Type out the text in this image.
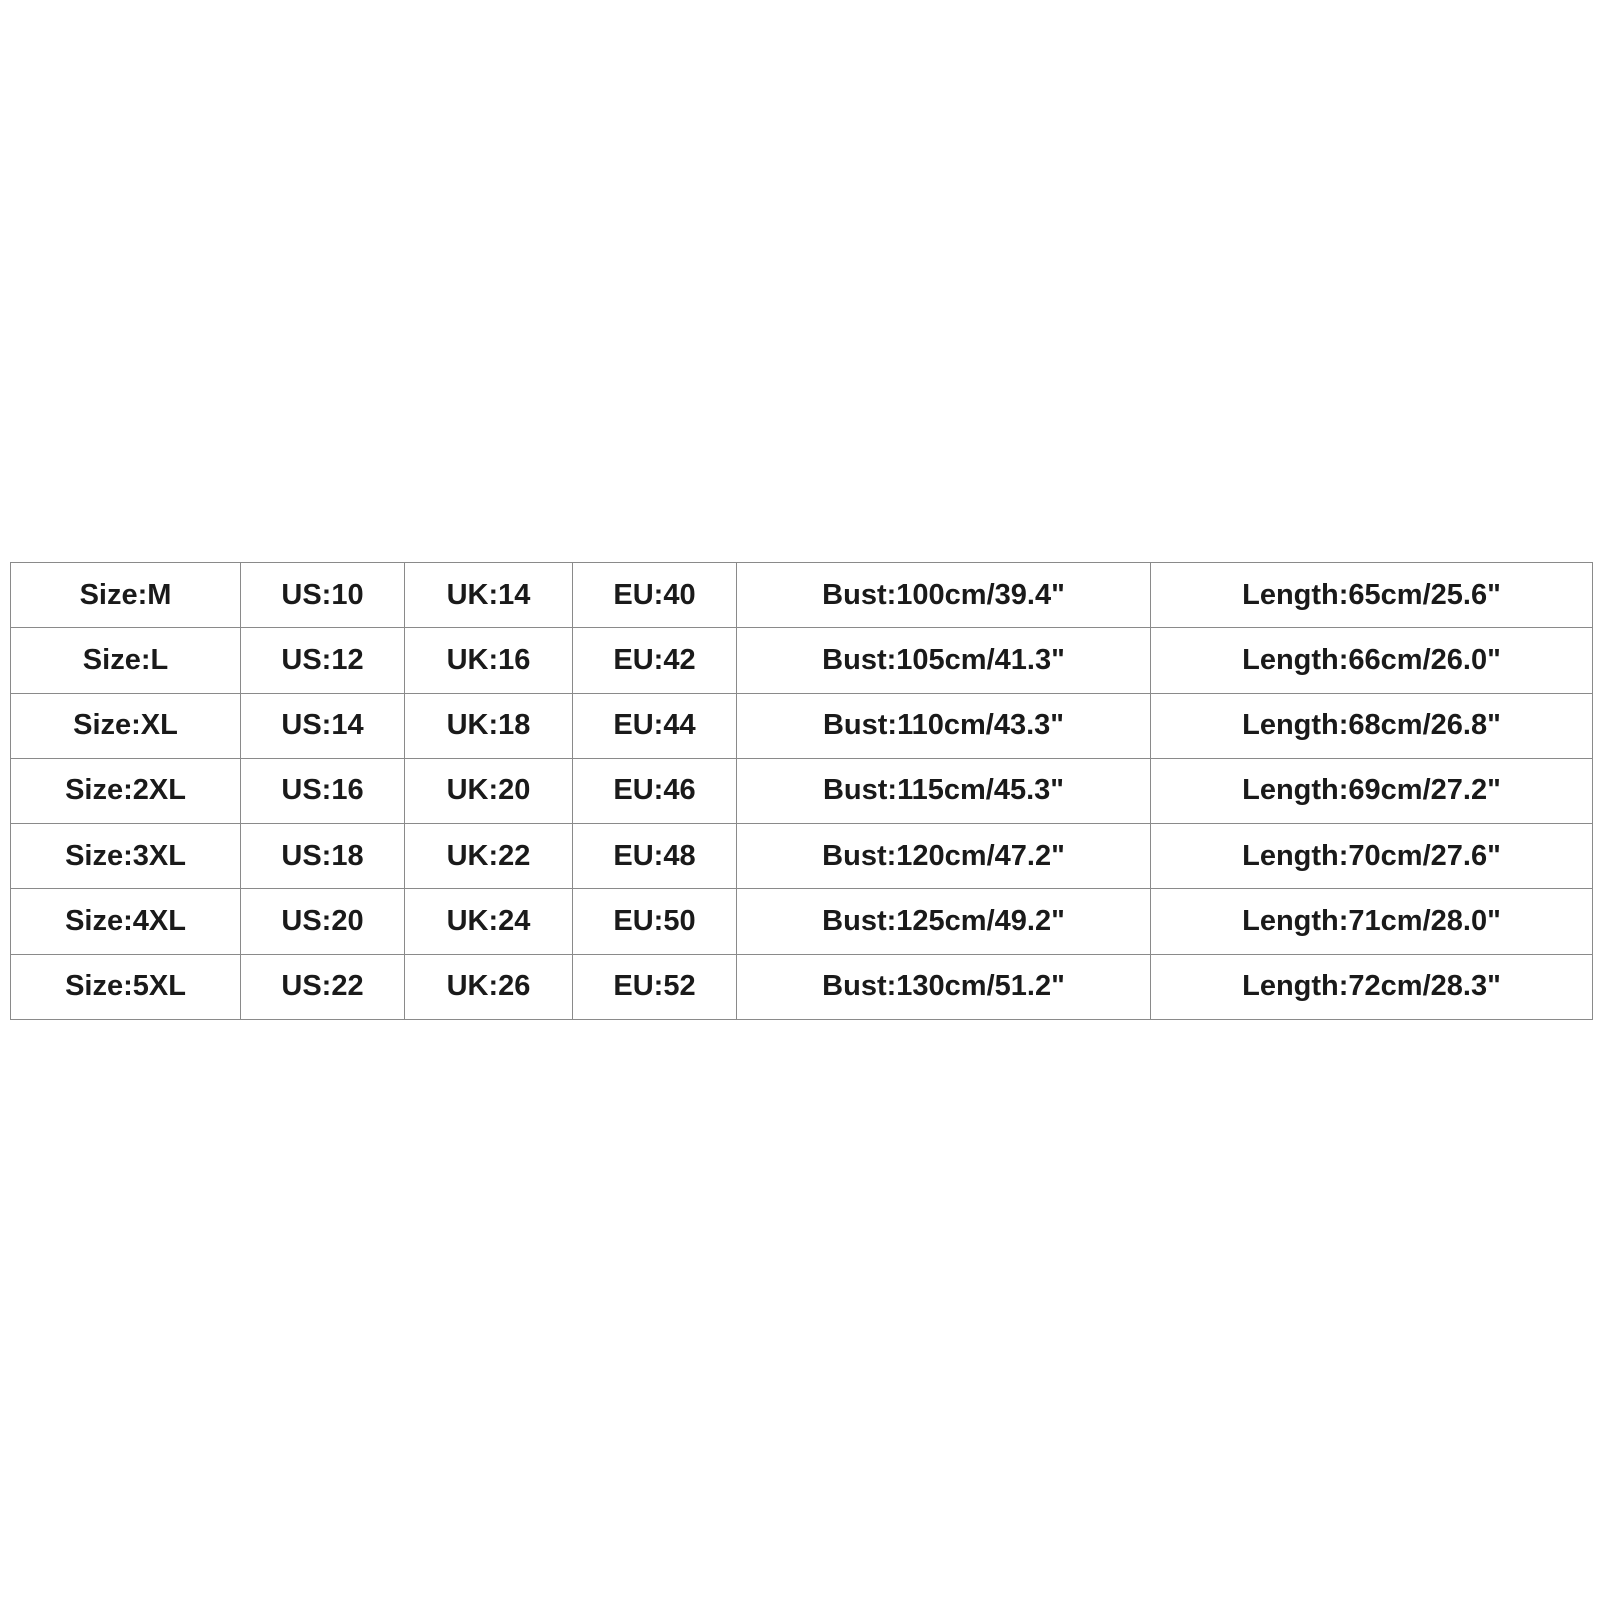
Size:M	US:10	UK:14	EU:40	Bust:100cm/39.4"	Length:65cm/25.6"
Size:L	US:12	UK:16	EU:42	Bust:105cm/41.3"	Length:66cm/26.0"
Size:XL	US:14	UK:18	EU:44	Bust:110cm/43.3"	Length:68cm/26.8"
Size:2XL	US:16	UK:20	EU:46	Bust:115cm/45.3"	Length:69cm/27.2"
Size:3XL	US:18	UK:22	EU:48	Bust:120cm/47.2"	Length:70cm/27.6"
Size:4XL	US:20	UK:24	EU:50	Bust:125cm/49.2"	Length:71cm/28.0"
Size:5XL	US:22	UK:26	EU:52	Bust:130cm/51.2"	Length:72cm/28.3"
